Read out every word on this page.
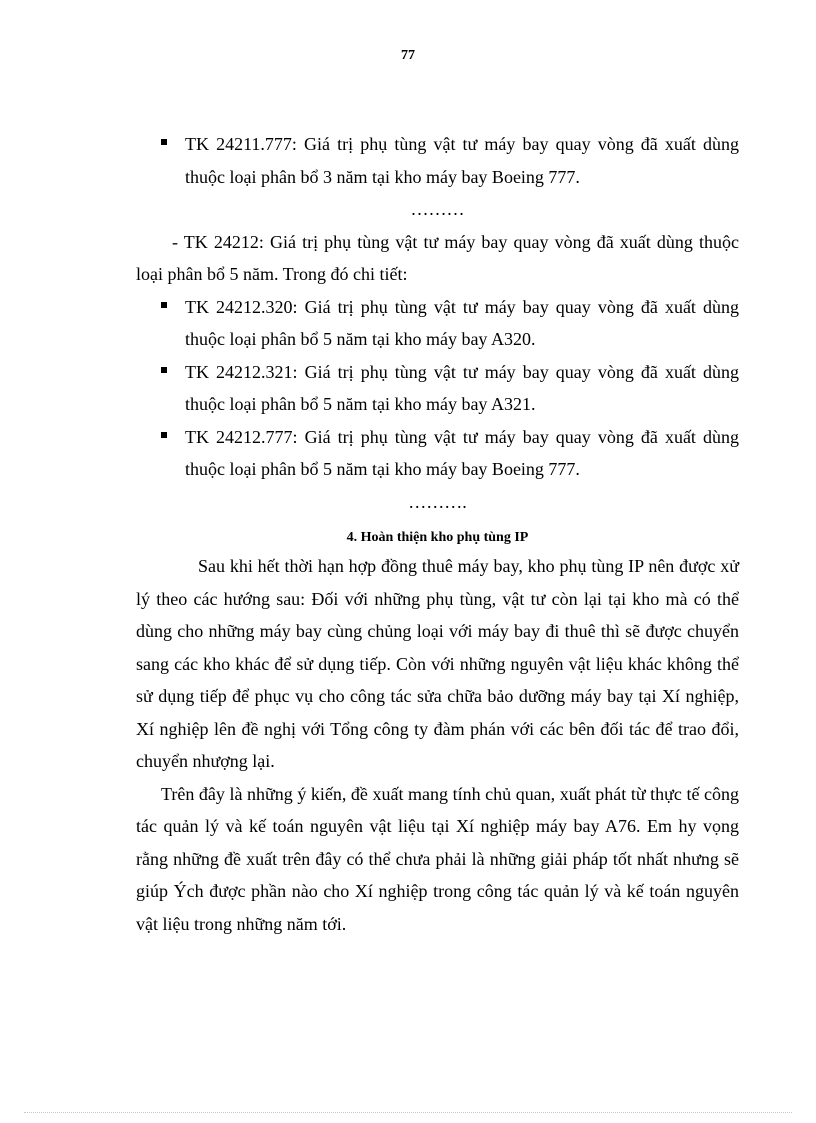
77
TK 24211.777: Giá trị phụ tùng vật tư máy bay quay vòng đã xuất dùng thuộc loại phân bổ 3 năm tại kho máy bay Boeing 777.
………
- TK 24212: Giá trị phụ tùng vật tư máy bay quay vòng đã xuất dùng thuộc loại phân bổ 5 năm. Trong đó chi tiết:
TK 24212.320: Giá trị phụ tùng vật tư máy bay quay vòng đã xuất dùng thuộc loại phân bổ 5 năm tại kho máy bay A320.
TK 24212.321: Giá trị phụ tùng vật tư máy bay quay vòng đã xuất dùng thuộc loại phân bổ 5 năm tại kho máy bay A321.
TK 24212.777: Giá trị phụ tùng vật tư máy bay quay vòng đã xuất dùng thuộc loại phân bổ 5 năm tại kho máy bay Boeing 777.
……….
4. Hoàn thiện kho phụ tùng IP
Sau khi hết thời hạn hợp đồng thuê máy bay, kho phụ tùng IP nên được xử lý theo các hướng sau: Đối với những phụ tùng, vật tư còn lại tại kho mà có thể dùng cho những máy bay cùng chủng loại với máy bay đi thuê thì sẽ được chuyển sang các kho khác để sử dụng tiếp. Còn với những nguyên vật liệu khác không thể sử dụng tiếp để phục vụ cho công tác sửa chữa bảo dưỡng máy bay tại Xí nghiệp, Xí nghiệp lên đề nghị với Tổng công ty đàm phán với các bên đối tác để trao đổi, chuyển nhượng lại.
Trên đây là những ý kiến, đề xuất mang tính chủ quan, xuất phát từ thực tế công tác quản lý và kế toán nguyên vật liệu tại Xí nghiệp máy bay A76. Em hy vọng rằng những đề xuất trên đây có thể chưa phải là những giải pháp tốt nhất nhưng sẽ giúp Ých được phần nào cho Xí nghiệp trong công tác quản lý và kế toán nguyên vật liệu trong những năm tới.
